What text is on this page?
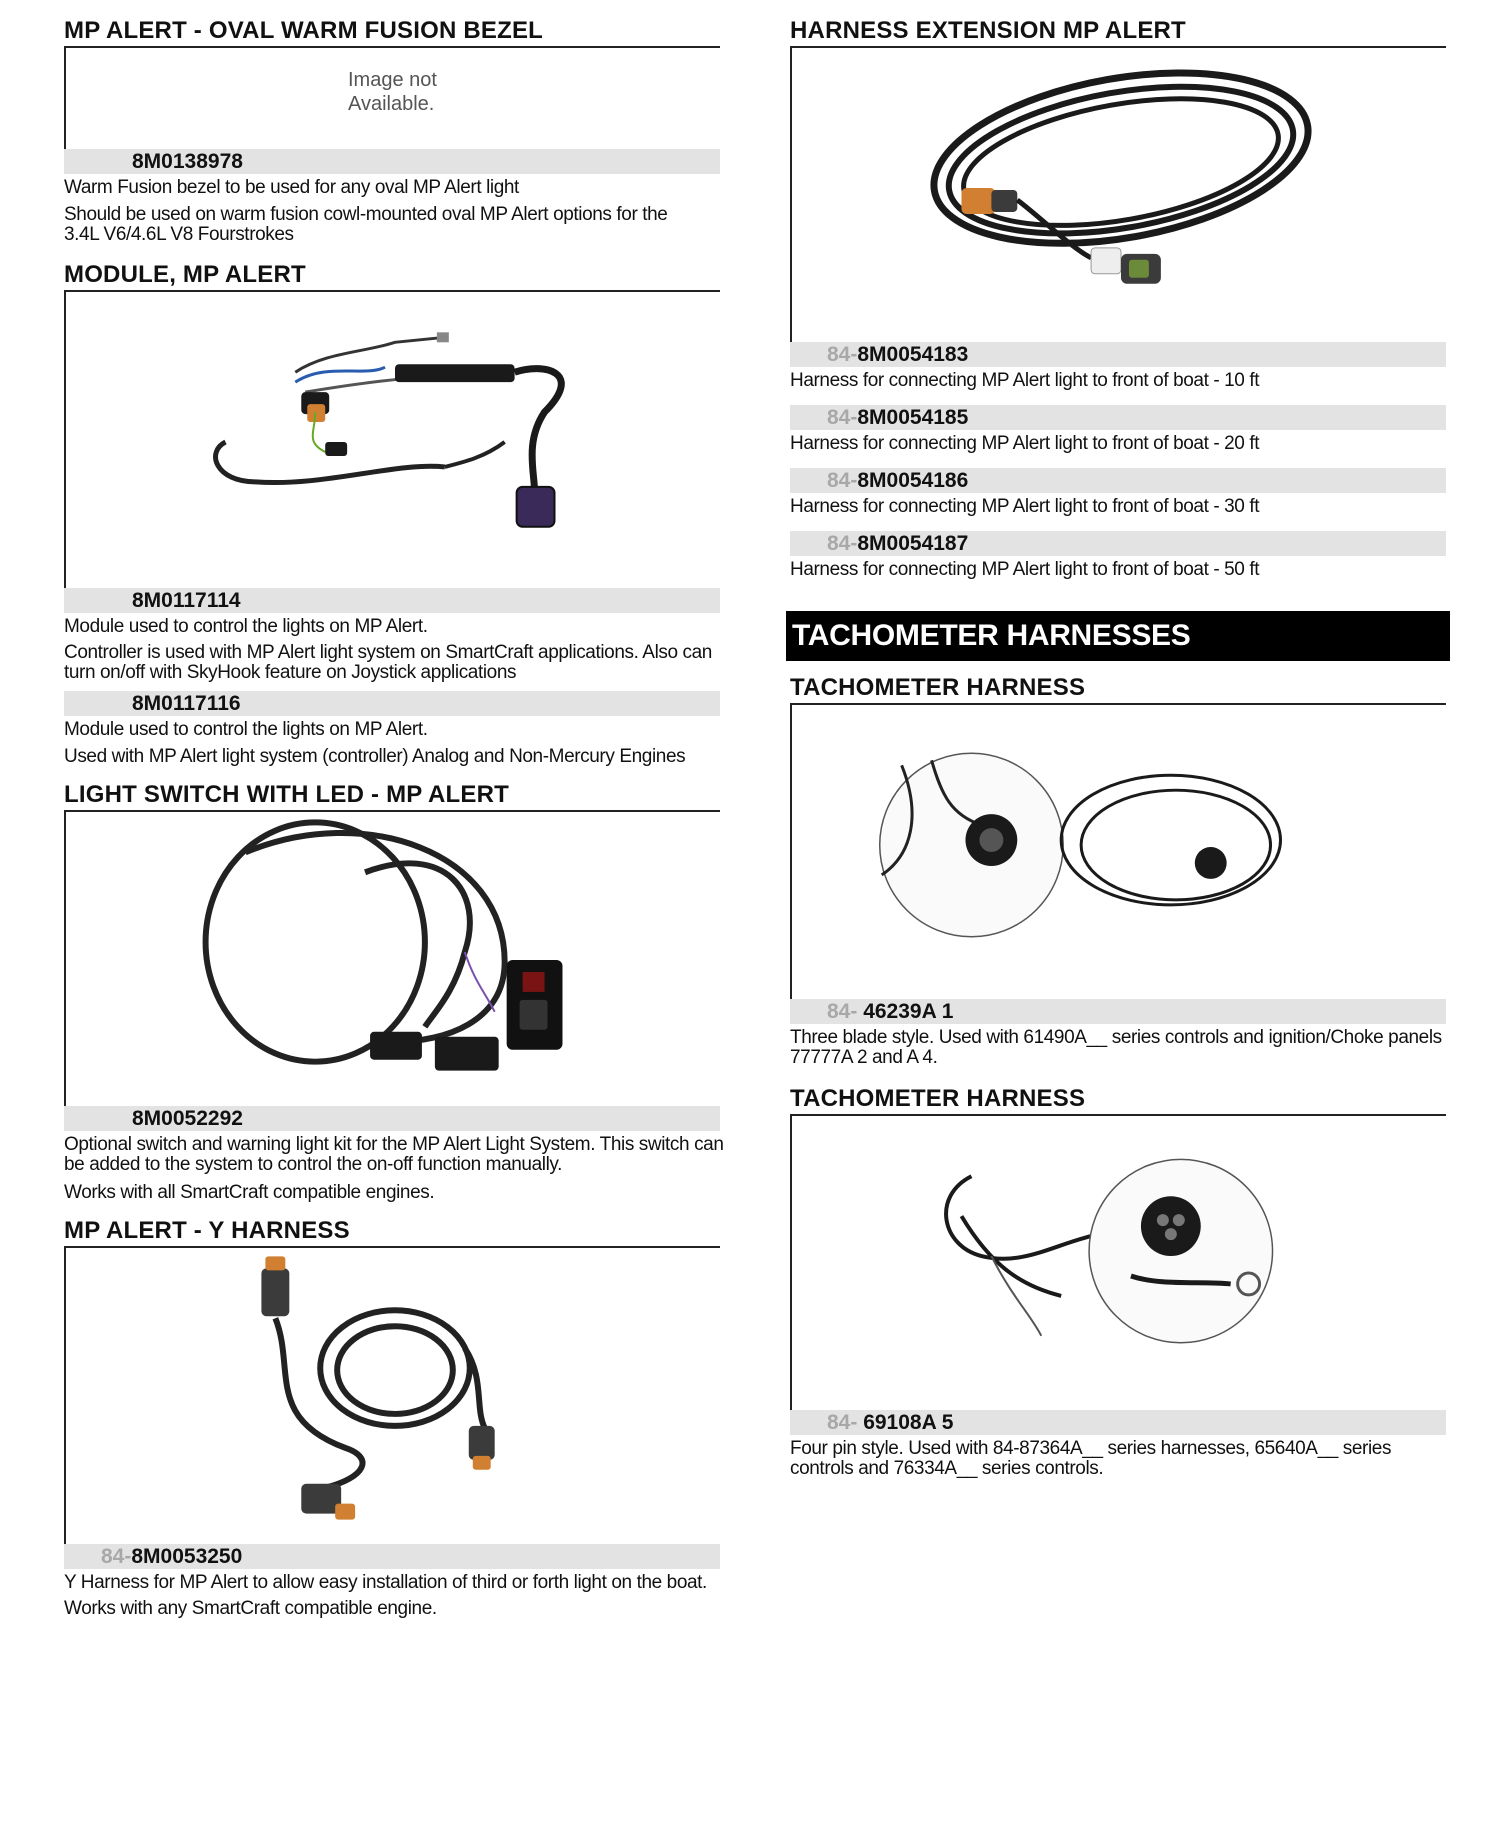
MP ALERT - OVAL WARM FUSION BEZEL
Image not
Available.
8M0138978
Warm Fusion bezel to be used for any oval MP Alert light
Should be used on warm fusion cowl-mounted oval MP Alert options for the 3.4L V6/4.6L V8 Fourstrokes
MODULE, MP ALERT
8M0117114
Module used to control the lights on MP Alert.
Controller is used with MP Alert light system on SmartCraft applications. Also can turn on/off with SkyHook feature on Joystick applications
8M0117116
Module used to control the lights on MP Alert.
Used with MP Alert light system (controller) Analog and Non-Mercury Engines
LIGHT SWITCH WITH LED - MP ALERT
8M0052292
Optional switch and warning light kit for the MP Alert Light System. This switch can be added to the system to control the on-off function manually.
Works with all SmartCraft compatible engines.
MP ALERT - Y HARNESS
84-8M0053250
Y Harness for MP Alert to allow easy installation of third or forth light on the boat.
Works with any SmartCraft compatible engine.
HARNESS EXTENSION MP ALERT
84-8M0054183
Harness for connecting MP Alert light to front of boat - 10 ft
84-8M0054185
Harness for connecting MP Alert light to front of boat - 20 ft
84-8M0054186
Harness for connecting MP Alert light to front of boat - 30 ft
84-8M0054187
Harness for connecting MP Alert light to front of boat - 50 ft
TACHOMETER HARNESS
84- 46239A 1
Three blade style. Used with 61490A__ series controls and ignition/Choke panels 77777A 2 and A 4.
TACHOMETER HARNESS
84- 69108A 5
Four pin style. Used with 84-87364A__ series harnesses, 65640A__ series controls and 76334A__ series controls.
TACHOMETER HARNESSES
